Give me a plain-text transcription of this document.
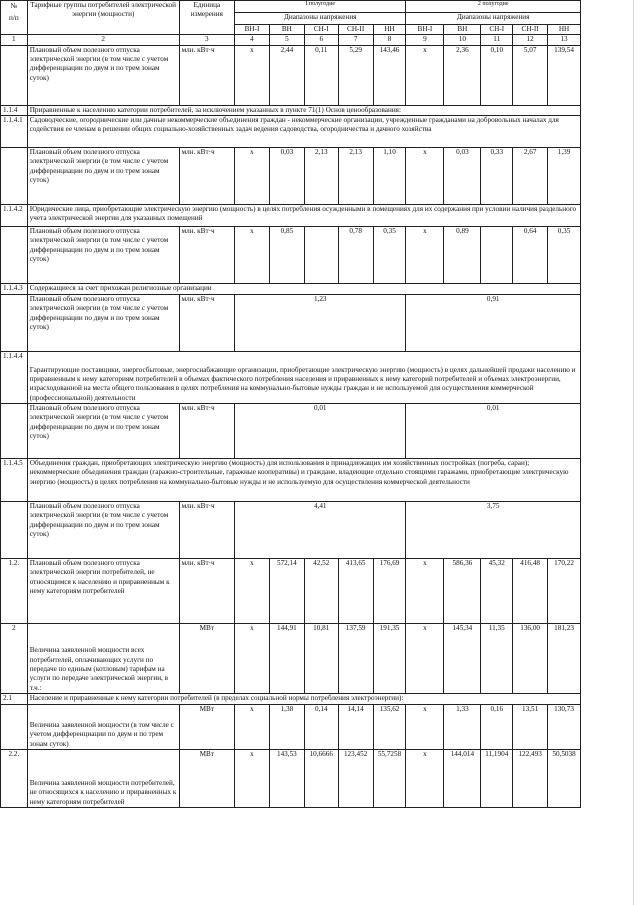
№
п/п	Тарифные группы потребителей электрической энергии (мощности)	Единица измерения	I полугодие					2 полугодие				
			Диапазоны напряжения					Диапазоны напряжения				
			ВН-I	ВН	СН-I	СН-II	НН	ВН-I	ВН	СН-I	СН-II	НН
1	2	3	4	5	6	7	8	9	10	11	12	13
	Плановый объем полезного отпуска электрической энергии (в том числе с учетом дифференциации по двум и по трем зонам суток)	млн. кВт·ч	x	2,44	0,11	5,29	143,46	x	2,36	0,10	5,07	139,54
1.1.4	Приравненные к населению категории потребителей, за исключением указанных в пункте 71(1) Основ ценообразования:											
1.1.4.1	Садоводческие, огороднические или дачные некоммерческие объединения граждан - некоммерческие организации, учрежденные гражданами на добровольных началах для содействия ее членам в решении общих социально-хозяйственных задач ведения садоводства, огородничества и дачного хозяйства											
	Плановый объем полезного отпуска электрической энергии (в том числе с учетом дифференциации по двум и по трем зонам суток)	млн. кВт·ч	x	0,03	2,13	2,13	1,10	x	0,03	0,33	2,67	1,39
1.1.4.2	Юридические лица, приобретающие электрическую энергию (мощность) в целях потребления осужденными в помещениях для их содержания при условии наличия раздельного учета электрической энергии для указанных помещений											
	Плановый объем полезного отпуска электрической энергии (в том числе с учетом дифференциации по двум и по трем зонам суток)	млн. кВт·ч	x	0,85		0,78	0,35	x	0,89		0,64	0,35
1.1.4.3	Содержащиеся за счет прихожан религиозные организации											
	Плановый объем полезного отпуска электрической энергии (в том числе с учетом дифференциации по двум и по трем зонам суток)	млн. кВт·ч	1,23					0,91				
1.1.4.4	Гарантирующие поставщики, энергосбытовые, энергоснабжающие организации, приобретающие электрическую энергию (мощность) в целях дальнейшей продажи населению и приравненным к нему категориям потребителей в объемах фактического потребления населения и приравненных к нему категорий потребителей и объемах электроэнергии, израсходованной на места общего пользования в целях потребления на коммунально-бытовые нужды граждан и не используемой для осуществления коммерческой (профессиональной) деятельности											
	Плановый объем полезного отпуска электрической энергии (в том числе с учетом дифференциации по двум и по трем зонам суток)	млн. кВт·ч	0,01					0,01				
1.1.4.5	Объединения граждан, приобретающих электрическую энергию (мощность) для использования в принадлежащих им хозяйственных постройках (погреба, сараи); некоммерческие объединения граждан (гаражно-строительные, гаражные кооперативы) и граждане, владеющие отдельно стоящими гаражами, приобретающие электрическую энергию (мощность) в целях потребления на коммунально-бытовые нужды и не используемую для осуществления коммерческой деятельности											
	Плановый объем полезного отпуска электрической энергии (в том числе с учетом дифференциации по двум и по трем зонам суток)	млн. кВт·ч	4,41					3,75				
1.2.	Плановый объем полезного отпуска электрической энергии потребителей, не относящимся к населению и приравненным к нему категориям потребителей	млн. кВт·ч	x	572,14	42,52	413,65	176,69	x	586,36	45,32	416,48	170,22
2	Величина заявленной мощности всех потребителей, оплачивающих услуги по передаче по единым (котловым) тарифам на услуги по передаче электрической энергии, в т.ч.:	МВт	x	144,91	10,81	137,59	191,35	x	145,34	11,35	136,00	181,23
2.1	Население и приравненные к нему категории потребителей (в пределах социальной нормы потребления электроэнергии):											
	Величина заявленной мощности (в том числе с учетом дифференциации по двум и по трем зонам суток)	МВт	x	1,38	0,14	14,14	135,62	x	1,33	0,16	13,51	130,73
2.2.	Величина заявленной мощности потребителей, не относящихся к населению и приравненных к нему категориям потребителей	МВт	x	143,53	10,6666	123,452	55,7258	x	144,014	11,1904	122,493	50,5038
